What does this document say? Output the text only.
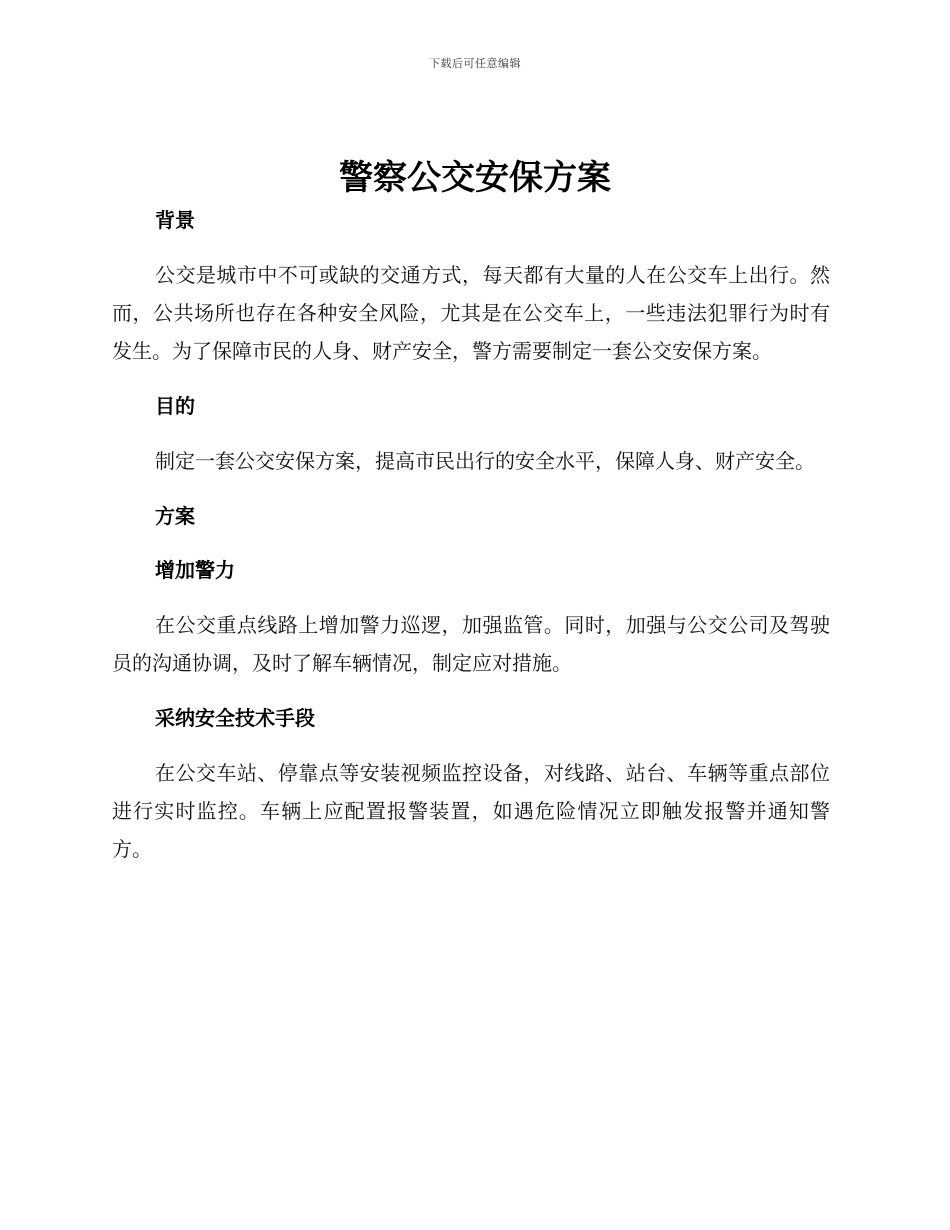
下载后可任意编辑
警察公交安保方案
背景

公交是城市中不可或缺的交通方式，每天都有大量的人在公交车上出行。然而，公共场所也存在各种安全风险，尤其是在公交车上，一些违法犯罪行为时有发生。为了保障市民的人身、财产安全，警方需要制定一套公交安保方案。

目的

制定一套公交安保方案，提高市民出行的安全水平，保障人身、财产安全。

方案
增加警力

在公交重点线路上增加警力巡逻，加强监管。同时，加强与公交公司及驾驶员的沟通协调，及时了解车辆情况，制定应对措施。

采纳安全技术手段

在公交车站、停靠点等安装视频监控设备，对线路、站台、车辆等重点部位进行实时监控。车辆上应配置报警装置，如遇危险情况立即触发报警并通知警方。
